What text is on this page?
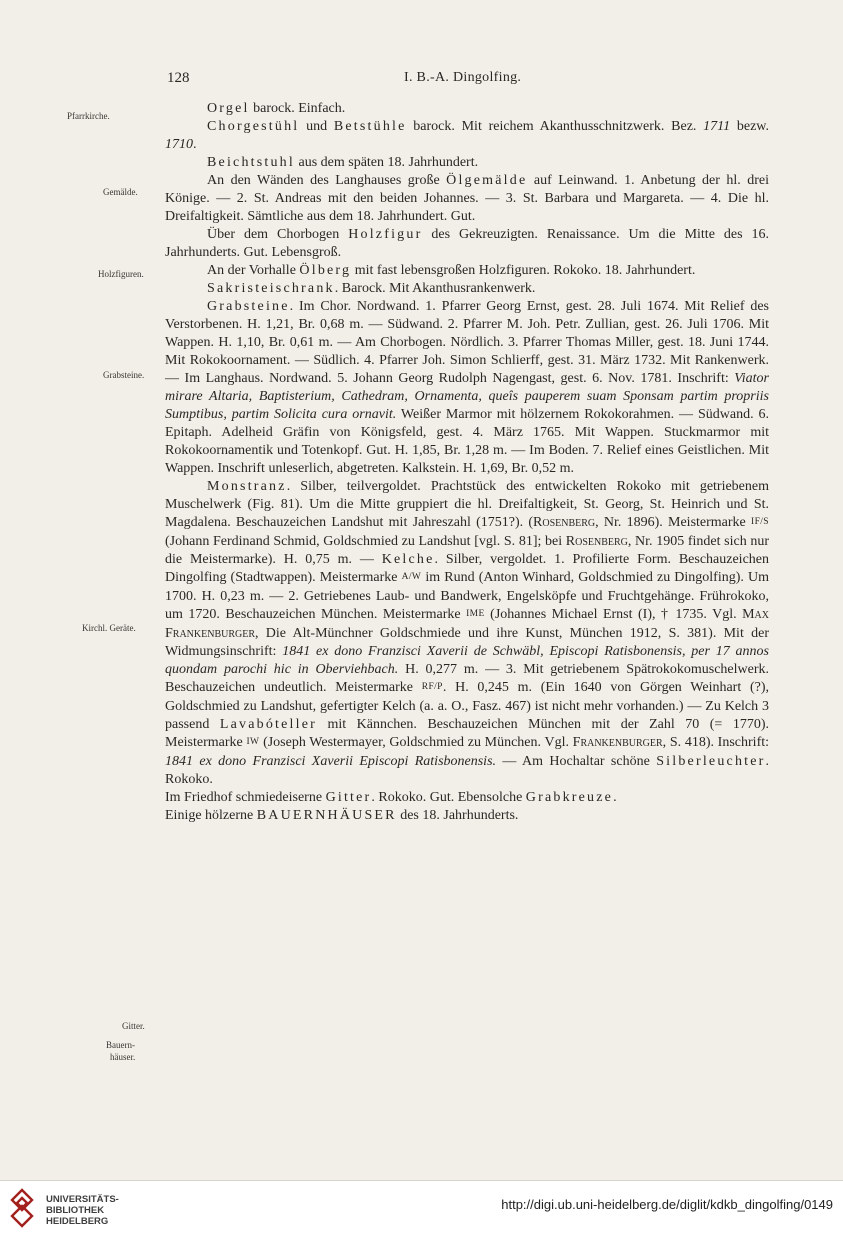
128	I. B.-A. Dingolfing.
Pfarrkirche.
Gemälde.
Holzfiguren.
Grabsteine.
Kirchl. Geräte.
Gitter.
Bauern-
häuser.

Orgel barock. Einfach.

Chorgestühl und Betstühle barock. Mit reichem Akanthusschnitzwerk. Bez. 1711 bezw. 1710.

Beichtstuhl aus dem späten 18. Jahrhundert.

An den Wänden des Langhauses große Ölgemälde auf Leinwand. 1. Anbetung der hl. drei Könige. — 2. St. Andreas mit den beiden Johannes. — 3. St. Barbara und Margareta. — 4. Die hl. Dreifaltigkeit. Sämtliche aus dem 18. Jahrhundert. Gut.

Über dem Chorbogen Holzfigur des Gekreuzigten. Renaissance. Um die Mitte des 16. Jahrhunderts. Gut. Lebensgroß.

An der Vorhalle Ölberg mit fast lebensgroßen Holzfiguren. Rokoko. 18. Jahrhundert.

Sakristeischrank. Barock. Mit Akanthusrankenwerk.

Grabsteine. Im Chor. Nordwand. 1. Pfarrer Georg Ernst, gest. 28. Juli 1674. Mit Relief des Verstorbenen. H. 1,21, Br. 0,68 m. — Südwand. 2. Pfarrer M. Joh. Petr. Zullian, gest. 26. Juli 1706. Mit Wappen. H. 1,10, Br. 0,61 m. — Am Chorbogen. Nördlich. 3. Pfarrer Thomas Miller, gest. 18. Juni 1744. Mit Rokokoornament. — Südlich. 4. Pfarrer Joh. Simon Schlierff, gest. 31. März 1732. Mit Rankenwerk. — Im Langhaus. Nordwand. 5. Johann Georg Rudolph Nagengast, gest. 6. Nov. 1781. Inschrift: Viator mirare Altaria, Baptisterium, Cathedram, Ornamenta, queîs pauperem suam Sponsam partim propriis Sumptibus, partim Solicita cura ornavit. Weißer Marmor mit hölzernem Rokokorahmen. — Südwand. 6. Epitaph. Adelheid Gräfin von Königsfeld, gest. 4. März 1765. Mit Wappen. Stuckmarmor mit Rokokoornamentik und Totenkopf. Gut. H. 1,85, Br. 1,28 m. — Im Boden. 7. Relief eines Geistlichen. Mit Wappen. Inschrift unleserlich, abgetreten. Kalkstein. H. 1,69, Br. 0,52 m.

Monstranz. Silber, teilvergoldet. Prachtstück des entwickelten Rokoko mit getriebenem Muschelwerk (Fig. 81). Um die Mitte gruppiert die hl. Dreifaltigkeit, St. Georg, St. Heinrich und St. Magdalena. Beschauzeichen Landshut mit Jahreszahl (1751?). (Rosenberg, Nr. 1896). Meistermarke IF/S (Johann Ferdinand Schmid, Goldschmied zu Landshut [vgl. S. 81]; bei Rosenberg, Nr. 1905 findet sich nur die Meistermarke). H. 0,75 m. — Kelche. Silber, vergoldet. 1. Profilierte Form. Beschauzeichen Dingolfing (Stadtwappen). Meistermarke A/W im Rund (Anton Winhard, Goldschmied zu Dingolfing). Um 1700. H. 0,23 m. — 2. Getriebenes Laub- und Bandwerk, Engelsköpfe und Fruchtgehänge. Frührokoko, um 1720. Beschauzeichen München. Meistermarke IME (Johannes Michael Ernst (I), † 1735. Vgl. Max Frankenburger, Die Alt-Münchner Goldschmiede und ihre Kunst, München 1912, S. 381). Mit der Widmungsinschrift: 1841 ex dono Franzisci Xaverii de Schwäbl, Episcopi Ratisbonensis, per 17 annos quondam parochi hic in Oberviehbach. H. 0,277 m. — 3. Mit getriebenem Spätrokokomuschelwerk. Beschauzeichen undeutlich. Meistermarke RF/P. H. 0,245 m. (Ein 1640 von Görgen Weinhart (?), Goldschmied zu Landshut, gefertigter Kelch (a. a. O., Fasz. 467) ist nicht mehr vorhanden.) — Zu Kelch 3 passend Lavabóteller mit Kännchen. Beschauzeichen München mit der Zahl 70 (= 1770). Meistermarke IW (Joseph Westermayer, Goldschmied zu München. Vgl. Frankenburger, S. 418). Inschrift: 1841 ex dono Franzisci Xaverii Episcopi Ratisbonensis. — Am Hochaltar schöne Silberleuchter. Rokoko.

Im Friedhof schmiedeiserne Gitter. Rokoko. Gut. Ebensolche Grabkreuze.

Einige hölzerne BAUERNHÄUSER des 18. Jahrhunderts.

UNIVERSITÄTS-
BIBLIOTHEK
HEIDELBERG
http://digi.ub.uni-heidelberg.de/diglit/kdkb_dingolfing/0149
